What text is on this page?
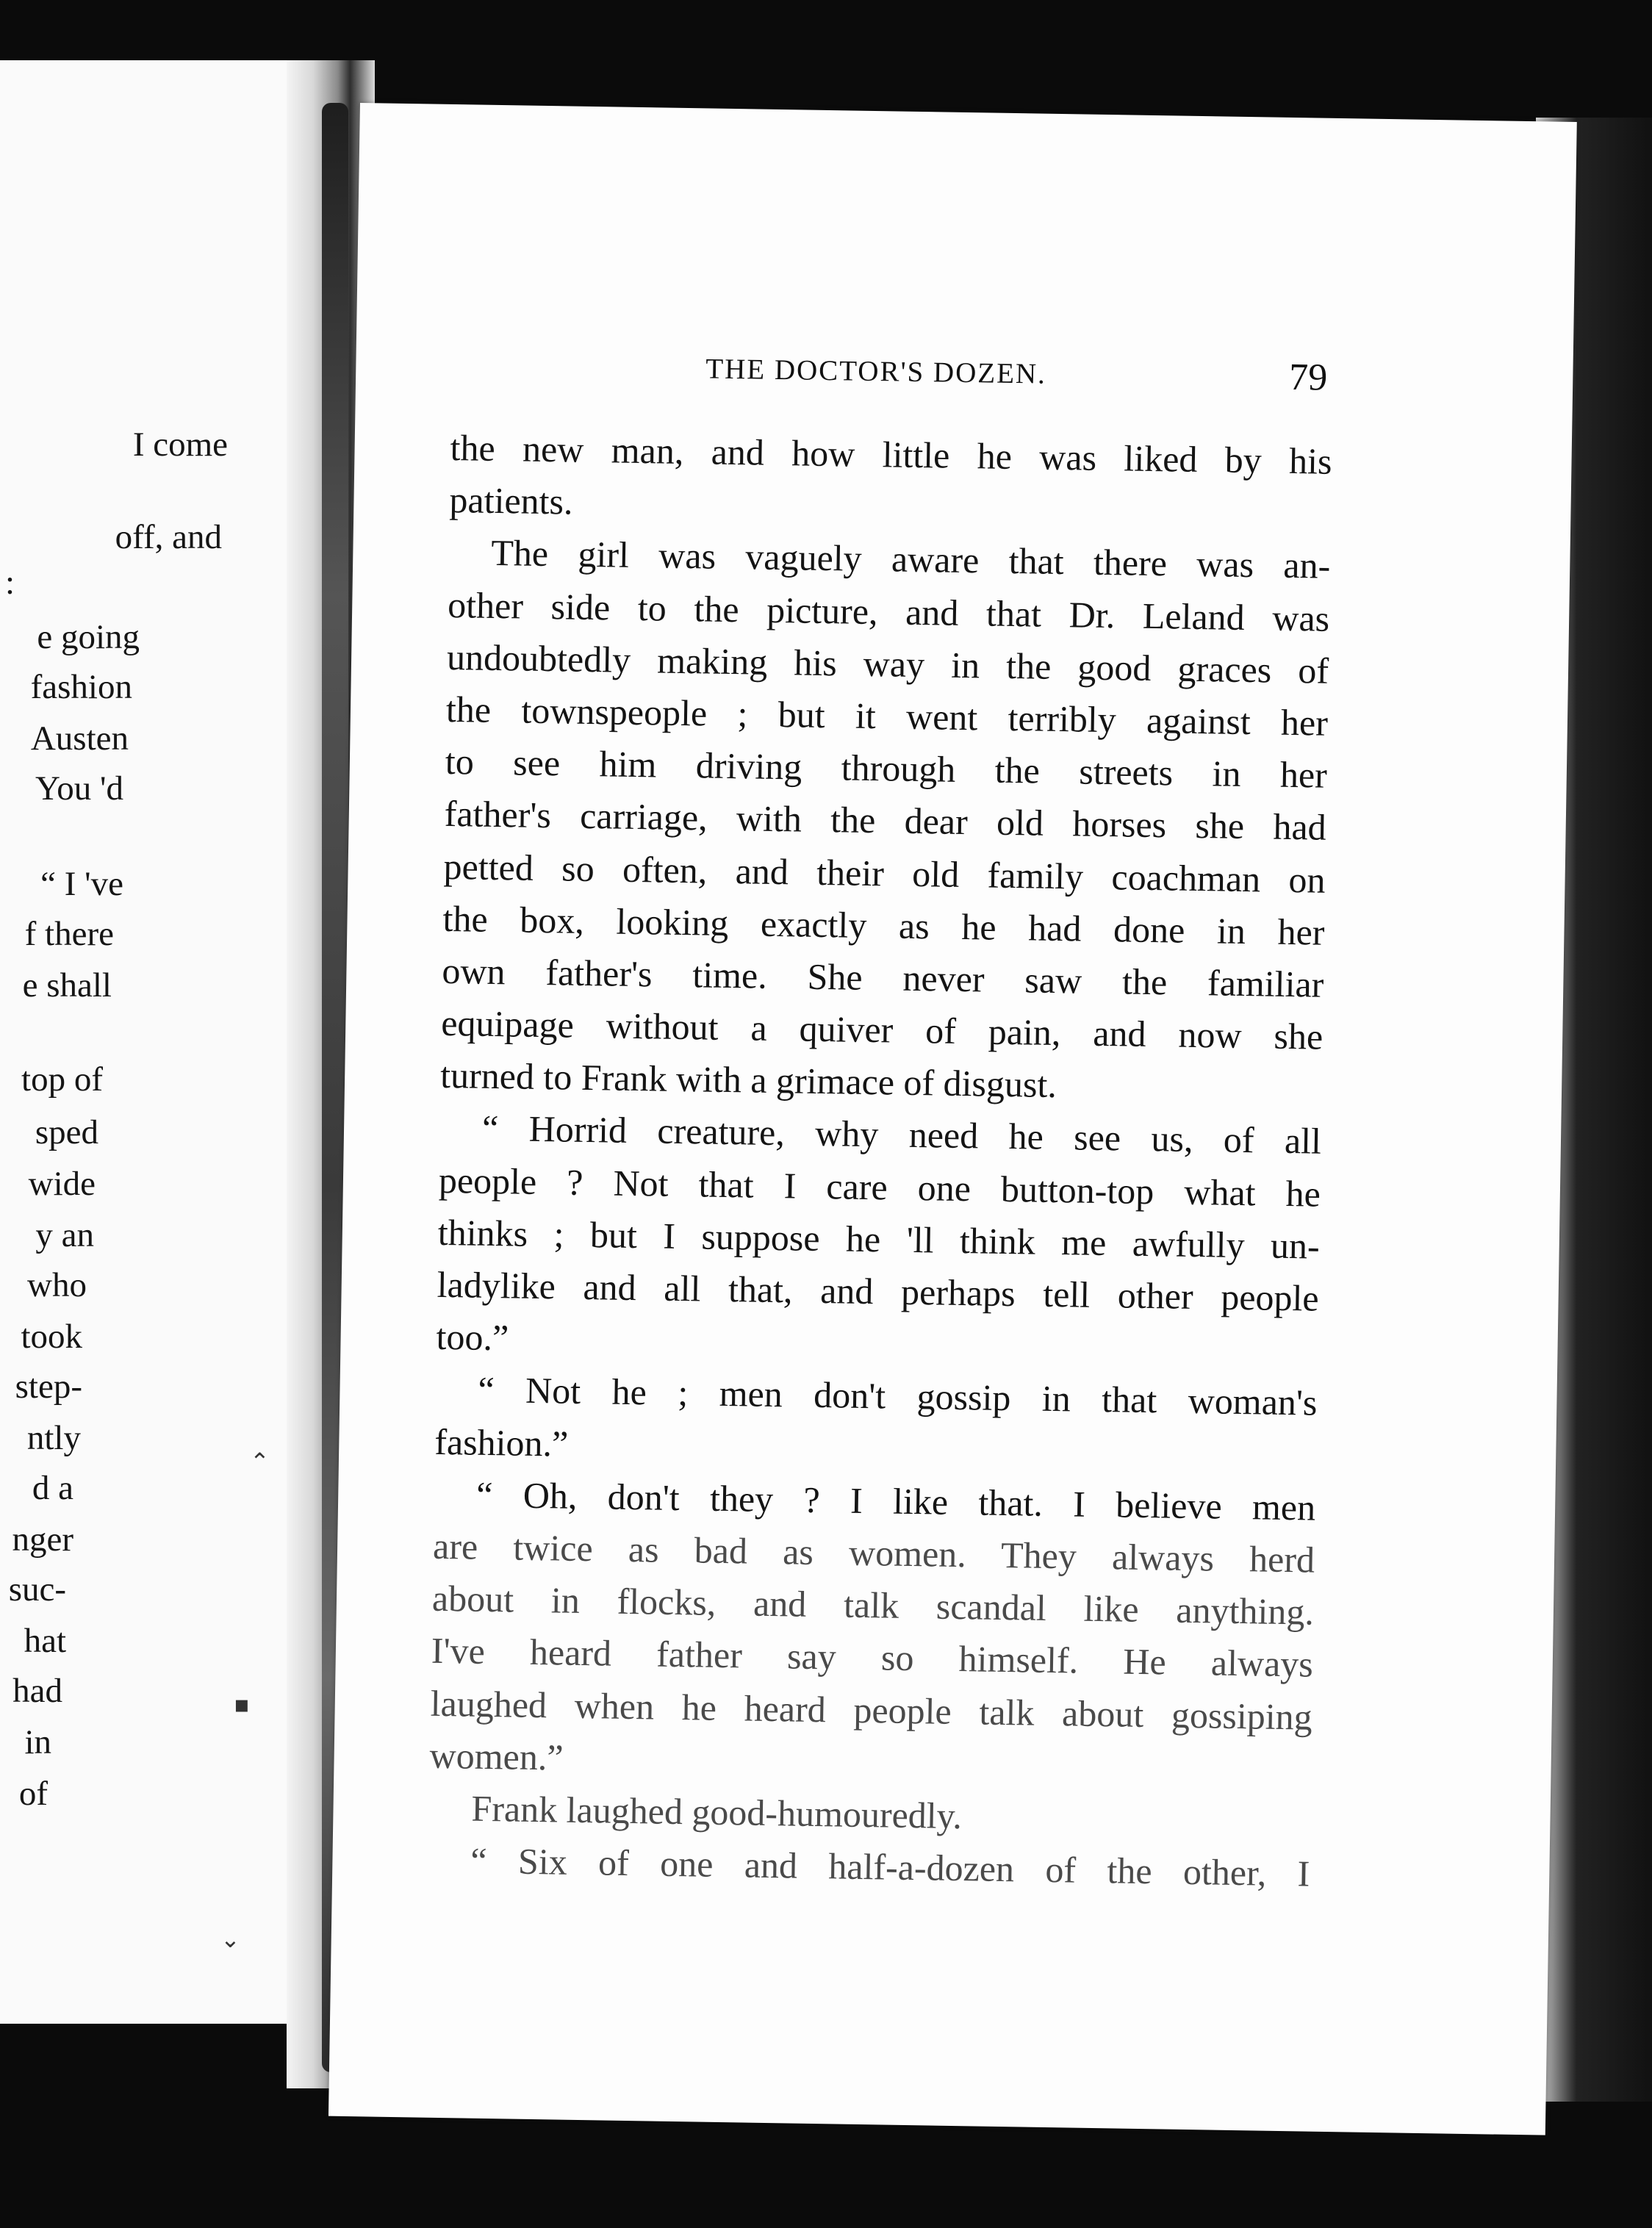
I come
off, and
:
e going
fashion
Austen
You 'd
“ I 've
f there
e shall
top of
sped
wide
y an
who
took
step-
ntly
d a
nger
suc-
hat
had
in
of
THE DOCTOR'S DOZEN.	79
the new man, and how little he was liked by his
patients.
The girl was vaguely aware that there was an-
other side to the picture, and that Dr. Leland was
undoubtedly making his way in the good graces of
the townspeople ; but it went terribly against her
to see him driving through the streets in her
father's carriage, with the dear old horses she had
petted so often, and their old family coachman on
the box, looking exactly as he had done in her
own father's time. She never saw the familiar
equipage without a quiver of pain, and now she
turned to Frank with a grimace of disgust.
“ Horrid creature, why need he see us, of all
people ? Not that I care one button-top what he
thinks ; but I suppose he 'll think me awfully un-
ladylike and all that, and perhaps tell other people
too.”
“ Not he ; men don't gossip in that woman's
fashion.”
“ Oh, don't they ? I like that. I believe men
are twice as bad as women. They always herd
about in flocks, and talk scandal like anything.
I've heard father say so himself. He always
laughed when he heard people talk about gossiping
women.”
Frank laughed good-humouredly.
“ Six of one and half-a-dozen of the other, I
⌃
▪
⌄
